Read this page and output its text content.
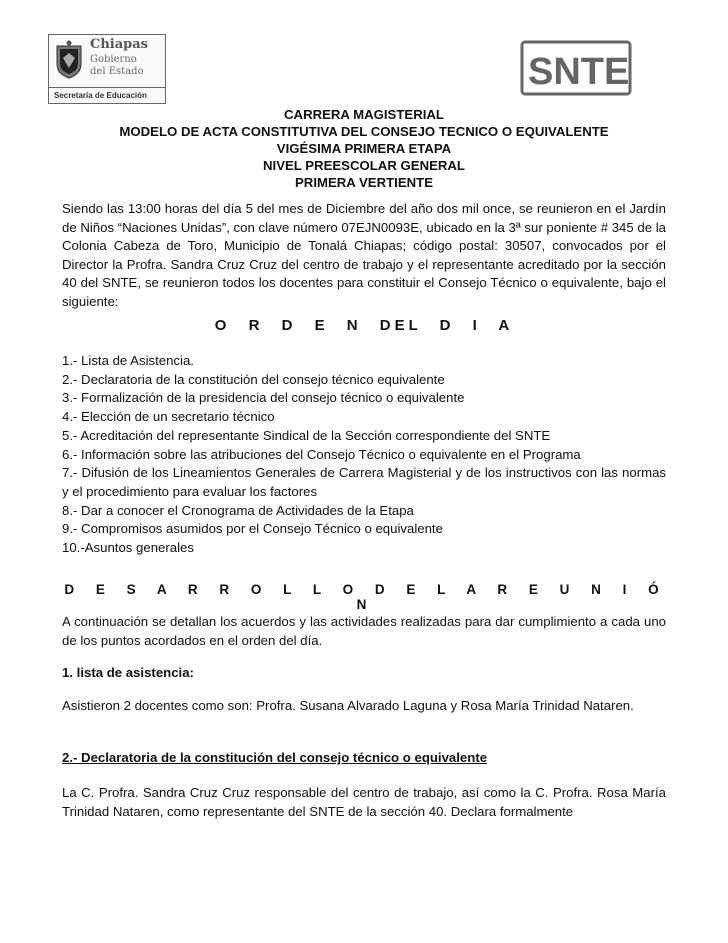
Chiapas
Gobierno
del Estado
Secretaría de Educación
SNTE
CARRERA MAGISTERIAL
MODELO DE ACTA CONSTITUTIVA DEL CONSEJO TECNICO O EQUIVALENTE
VIGÉSIMA PRIMERA ETAPA
NIVEL PREESCOLAR GENERAL
PRIMERA VERTIENTE
Siendo las 13:00 horas del día 5 del mes de Diciembre del año dos mil once, se reunieron en el Jardín de Niños “Naciones Unidas”, con clave número 07EJN0093E, ubicado en la 3ª sur poniente # 345 de la Colonia Cabeza de Toro, Municipio de Tonalá Chiapas; código postal: 30507, convocados por el Director la Profra. Sandra Cruz Cruz del centro de trabajo y el representante acreditado por la sección 40 del SNTE, se reunieron todos los docentes para constituir el Consejo Técnico o equivalente, bajo el siguiente:
O R D E N DEL D I A
1.- Lista de Asistencia.
2.- Declaratoria de la constitución del consejo técnico equivalente
3.- Formalización de la presidencia del consejo técnico o equivalente
4.- Elección de un secretario técnico
5.- Acreditación del representante Sindical de la Sección correspondiente del SNTE
6.- Información sobre las atribuciones del Consejo Técnico o equivalente en el Programa
7.- Difusión de los Lineamientos Generales de Carrera Magisterial y de los instructivos con las normas y el procedimiento para evaluar los factores
8.- Dar a conocer el Cronograma de Actividades de la Etapa
9.- Compromisos asumidos por el Consejo Técnico o equivalente
10.-Asuntos generales
D E S A R R O L L O D E L A R E U N I Ó N
A continuación se detallan los acuerdos y las actividades realizadas para dar cumplimiento a cada uno de los puntos acordados en el orden del día.
1. lista de asistencia:
Asistieron 2 docentes como son: Profra. Susana Alvarado Laguna y Rosa María Trinidad Nataren.
2.- Declaratoria de la constitución del consejo técnico o equivalente
La C. Profra. Sandra Cruz Cruz responsable del centro de trabajo, así como la C. Profra. Rosa María Trinidad Nataren, como representante del SNTE de la sección 40. Declara formalmente
